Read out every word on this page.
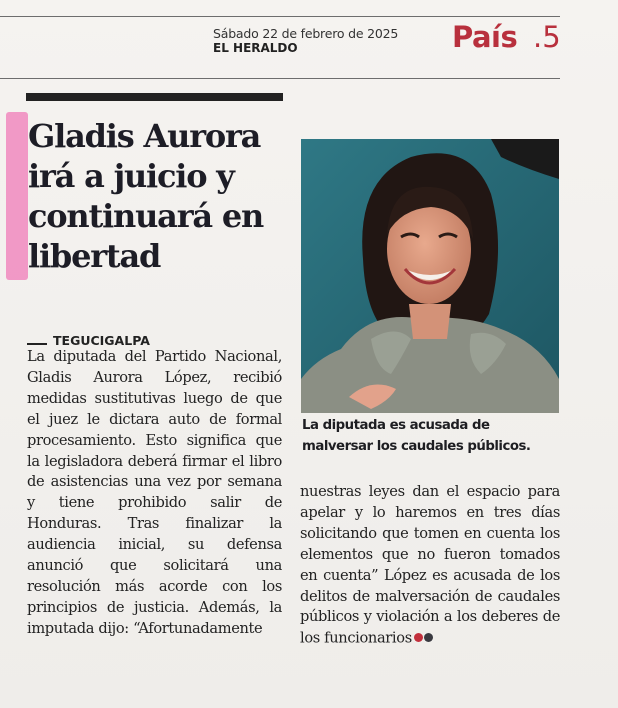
Sábado 22 de febrero de 2025
EL HERALDO	País .5
Gladis Aurora irá a juicio y continuará en libertad

La diputada es acusada de malversar los caudales públicos.

TEGUCIGALPA

La diputada del Partido Nacional, Gladis Aurora López, recibió medidas sustitutivas luego de que el juez le dictara auto de formal procesamiento. Esto significa que la legisladora deberá firmar el libro de asistencias una vez por semana y tiene prohibido salir de Honduras. Tras finalizar la audiencia inicial, su defensa anunció que solicitará una resolución más acorde con los principios de justicia. Además, la imputada dijo: “Afortunadamente

nuestras leyes dan el espacio para apelar y lo haremos en tres días solicitando que tomen en cuenta los elementos que no fueron tomados en cuenta” López es acusada de los delitos de malversación de caudales públicos y violación a los deberes de los funcionarios
